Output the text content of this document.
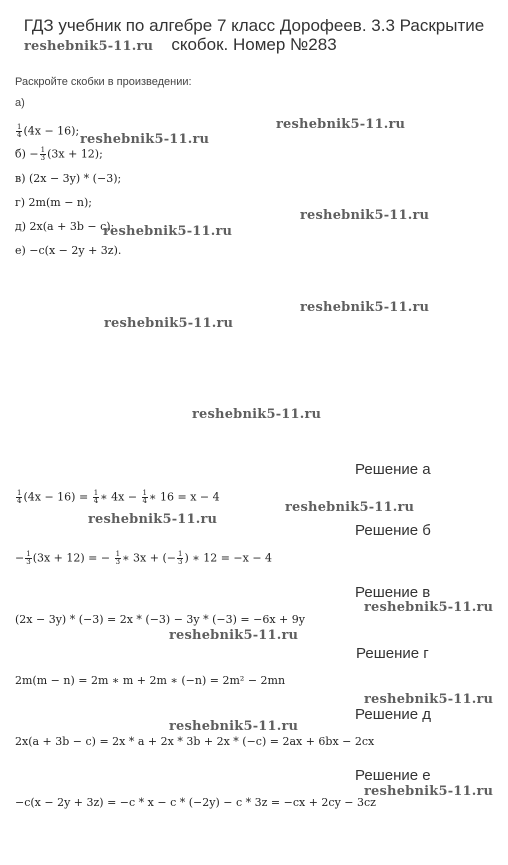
ГДЗ учебник по алгебре 7 класс Дорофеев. 3.3 Раскрытие скобок. Номер №283
Раскройте скобки в произведении:
а)
$\frac{1}{4} (4x - 16)$;
$б) - \frac{1}{3} (3x + 12)$;
в) (2x − 3y) * (−3);
г) 2m(m − n);
д) 2x(a + 3b − c);
е) −c(x − 2y + 3z).
Решение а
$\frac{1}{4} (4x - 16) = \frac{1}{4}$ ∗ $4x - \frac{1}{4}$ ∗ 16 = x − 4
Решение б
− $\frac{1}{3} (3x + 12)$ = − $\frac{1}{3}$ ∗ 3x + (− $\frac{1}{3}$ ) ∗ 12 = −x − 4
Решение в
(2x − 3y) * (−3) = 2x * (−3) − 3y * (−3) = −6x + 9y
Решение г
2m(m − n) = 2m ∗ m + 2m ∗ (−n) = 2m² − 2mn
Решение д
2x(a + 3b − c) = 2x * a + 2x * 3b + 2x * (−c) = 2ax + 6bx − 2cx
Решение е
−c(x − 2y + 3z) = −c * x − c * (−2y) − c * 3z = −cx + 2cy − 3cz
reshebnik5-11.ru
reshebnik5-11.ru
reshebnik5-11.ru
reshebnik5-11.ru
reshebnik5-11.ru
reshebnik5-11.ru
reshebnik5-11.ru
reshebnik5-11.ru
reshebnik5-11.ru
reshebnik5-11.ru
reshebnik5-11.ru
reshebnik5-11.ru
reshebnik5-11.ru
reshebnik5-11.ru
reshebnik5-11.ru
